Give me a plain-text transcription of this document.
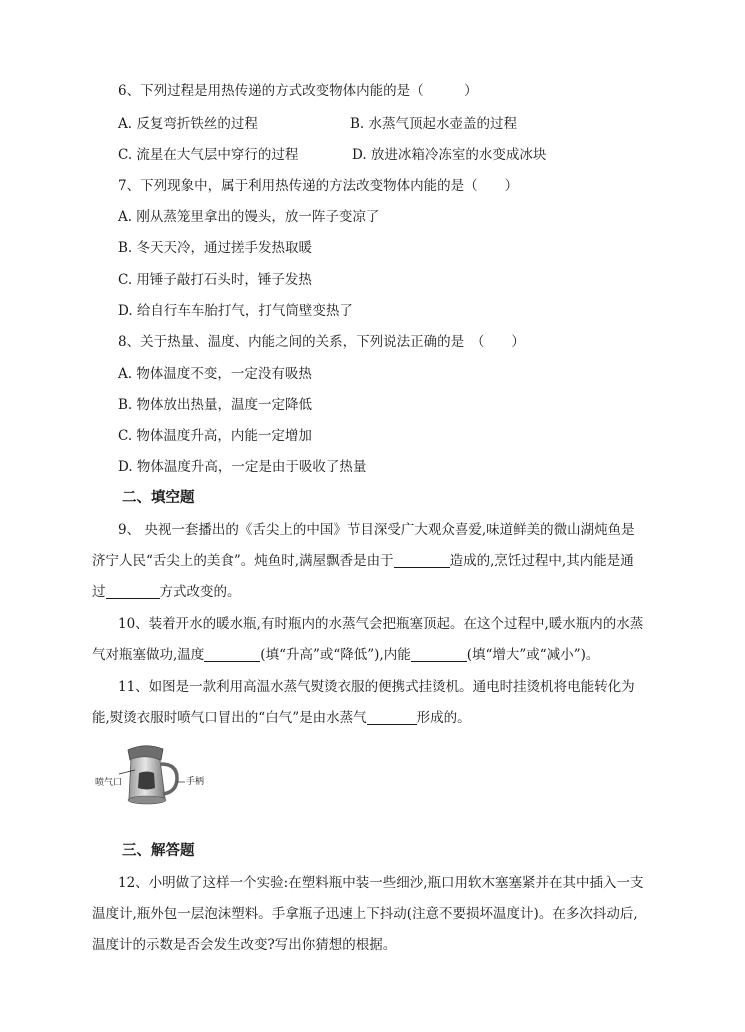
6、下列过程是用热传递的方式改变物体内能的是（　　　）
A. 反复弯折铁丝的过程	B. 水蒸气顶起水壶盖的过程
C. 流星在大气层中穿行的过程	D. 放进冰箱冷冻室的水变成冰块
7、下列现象中，属于利用热传递的方法改变物体内能的是（　　）
A. 刚从蒸笼里拿出的馒头，放一阵子变凉了
B. 冬天天冷，通过搓手发热取暖
C. 用锤子敲打石头时，锤子发热
D. 给自行车车胎打气，打气筒壁变热了
8、关于热量、温度、内能之间的关系，下列说法正确的是　（　　）
A. 物体温度不变，一定没有吸热
B. 物体放出热量，温度一定降低
C. 物体温度升高，内能一定增加
D. 物体温度升高，一定是由于吸收了热量
二、填空题
9、 央视一套播出的《舌尖上的中国》节目深受广大观众喜爱,味道鲜美的微山湖炖鱼是
济宁人民“舌尖上的美食”。炖鱼时,满屋飘香是由于	造成的,烹饪过程中,其内能是通
过	方式改变的。
10、装着开水的暖水瓶,有时瓶内的水蒸气会把瓶塞顶起。在这个过程中,暖水瓶内的水蒸
气对瓶塞做功,温度	(填“升高”或“降低”),内能	(填“增大”或“减小”)。
11、如图是一款利用高温水蒸气熨烫衣服的便携式挂烫机。通电时挂烫机将电能转化为
能,熨烫衣服时喷气口冒出的“白气”是由水蒸气	形成的。
喷气口	手柄
三、解答题
12、小明做了这样一个实验:在塑料瓶中装一些细沙,瓶口用软木塞塞紧并在其中插入一支
温度计,瓶外包一层泡沫塑料。手拿瓶子迅速上下抖动(注意不要损坏温度计)。在多次抖动后,
温度计的示数是否会发生改变?写出你猜想的根据。
